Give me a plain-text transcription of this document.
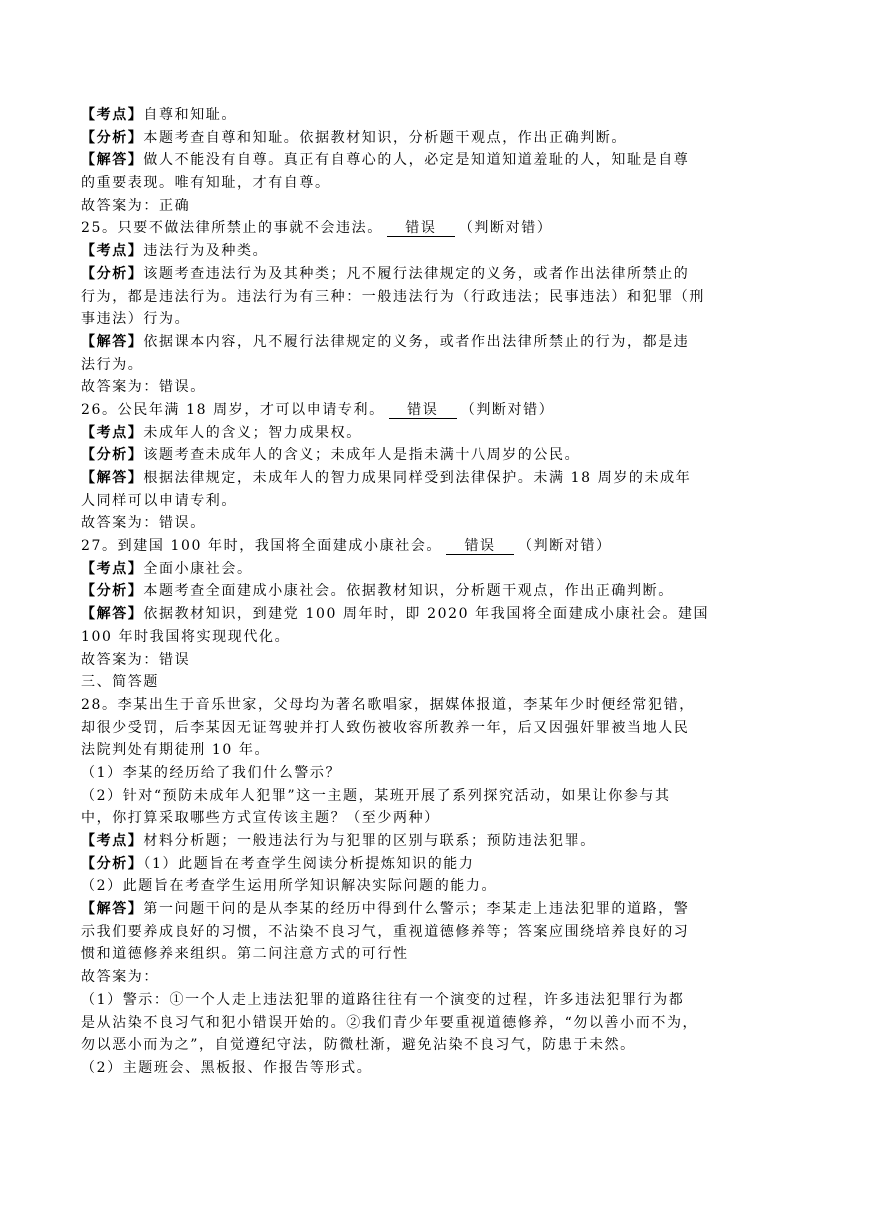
【考点】自尊和知耻。
【分析】本题考查自尊和知耻。依据教材知识，分析题干观点，作出正确判断。
【解答】做人不能没有自尊。真正有自尊心的人，必定是知道知道羞耻的人，知耻是自尊
的重要表现。唯有知耻，才有自尊。
故答案为：正确
25。只要不做法律所禁止的事就不会违法。 错误 （判断对错）
【考点】违法行为及种类。
【分析】该题考查违法行为及其种类；凡不履行法律规定的义务，或者作出法律所禁止的
行为，都是违法行为。违法行为有三种：一般违法行为（行政违法；民事违法）和犯罪（刑
事违法）行为。
【解答】依据课本内容，凡不履行法律规定的义务，或者作出法律所禁止的行为，都是违
法行为。
故答案为：错误。
26。公民年满 18 周岁，才可以申请专利。 错误 （判断对错）
【考点】未成年人的含义；智力成果权。
【分析】该题考查未成年人的含义；未成年人是指未满十八周岁的公民。
【解答】根据法律规定，未成年人的智力成果同样受到法律保护。未满 18 周岁的未成年
人同样可以申请专利。
故答案为：错误。
27。到建国 100 年时，我国将全面建成小康社会。 错误 （判断对错）
【考点】全面小康社会。
【分析】本题考查全面建成小康社会。依据教材知识，分析题干观点，作出正确判断。
【解答】依据教材知识，到建党 100 周年时，即 2020 年我国将全面建成小康社会。建国
100 年时我国将实现现代化。
故答案为：错误
三、简答题
28。李某出生于音乐世家，父母均为著名歌唱家，据媒体报道，李某年少时便经常犯错，
却很少受罚，后李某因无证驾驶并打人致伤被收容所教养一年，后又因强奸罪被当地人民
法院判处有期徒刑 10 年。
（1）李某的经历给了我们什么警示？
（2）针对“预防未成年人犯罪”这一主题，某班开展了系列探究活动，如果让你参与其
中，你打算采取哪些方式宣传该主题？（至少两种）
【考点】材料分析题；一般违法行为与犯罪的区别与联系；预防违法犯罪。
【分析】（1）此题旨在考查学生阅读分析提炼知识的能力
（2）此题旨在考查学生运用所学知识解决实际问题的能力。
【解答】第一问题干问的是从李某的经历中得到什么警示；李某走上违法犯罪的道路，警
示我们要养成良好的习惯，不沾染不良习气，重视道德修养等；答案应围绕培养良好的习
惯和道德修养来组织。第二问注意方式的可行性
故答案为：
（1）警示：①一个人走上违法犯罪的道路往往有一个演变的过程，许多违法犯罪行为都
是从沾染不良习气和犯小错误开始的。②我们青少年要重视道德修养，“勿以善小而不为，
勿以恶小而为之”，自觉遵纪守法，防微杜渐，避免沾染不良习气，防患于未然。
（2）主题班会、黑板报、作报告等形式。
